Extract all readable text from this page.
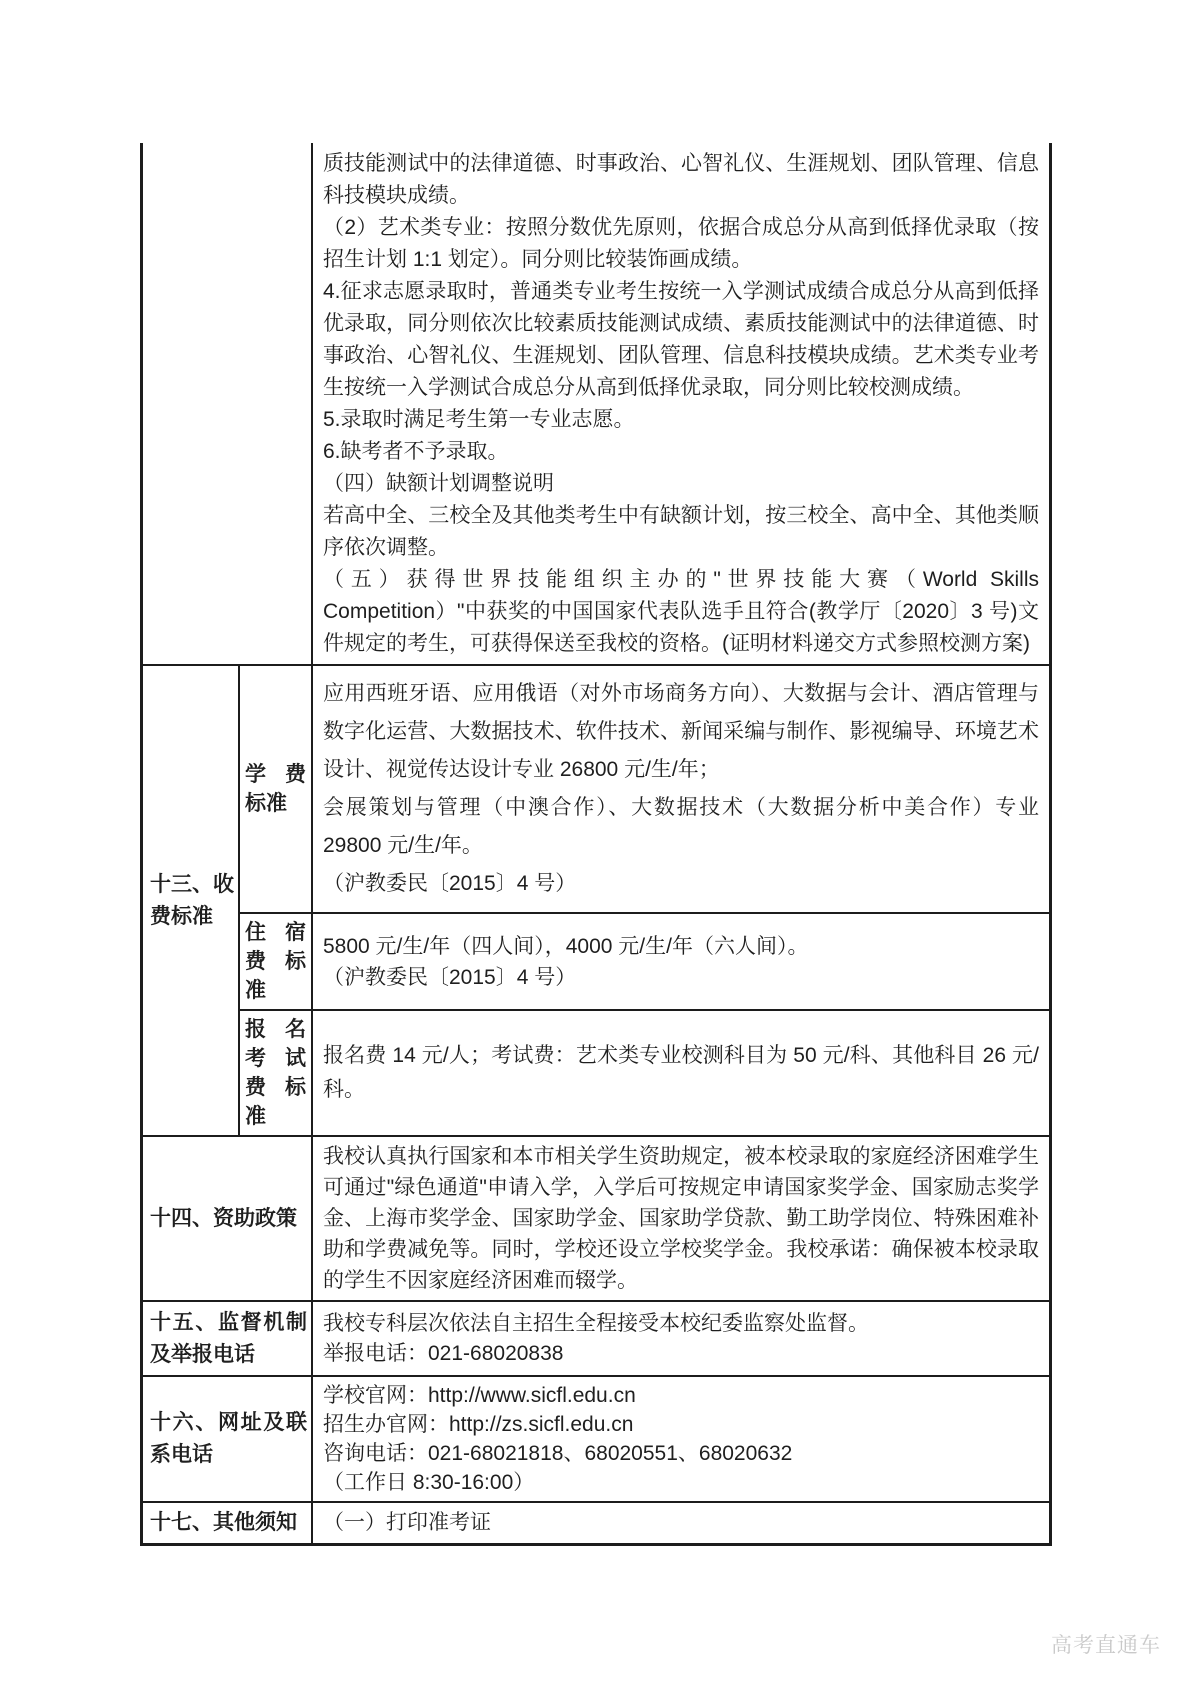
质技能测试中的法律道德、时事政治、心智礼仪、生涯规划、团队管理、信息科技模块成绩。

（2）艺术类专业：按照分数优先原则，依据合成总分从高到低择优录取（按招生计划 1:1 划定）。同分则比较装饰画成绩。

4.征求志愿录取时，普通类专业考生按统一入学测试成绩合成总分从高到低择优录取，同分则依次比较素质技能测试成绩、素质技能测试中的法律道德、时事政治、心智礼仪、生涯规划、团队管理、信息科技模块成绩。艺术类专业考生按统一入学测试合成总分从高到低择优录取，同分则比较校测成绩。

5.录取时满足考生第一专业志愿。

6.缺考者不予录取。

（四）缺额计划调整说明

若高中全、三校全及其他类考生中有缺额计划，按三校全、高中全、其他类顺序依次调整。

（五）获得世界技能组织主办的"世界技能大赛（World Skills Competition）"中获奖的中国国家代表队选手且符合(教学厅〔2020〕3 号)文件规定的考生，可获得保送至我校的资格。(证明材料递交方式参照校测方案)

十三、收费标准
学费标准

应用西班牙语、应用俄语（对外市场商务方向）、大数据与会计、酒店管理与数字化运营、大数据技术、软件技术、新闻采编与制作、影视编导、环境艺术设计、视觉传达设计专业 26800 元/生/年；

会展策划与管理（中澳合作）、大数据技术（大数据分析中美合作）专业 29800 元/生/年。

（沪教委民〔2015〕4 号）

住宿费标准

5800 元/生/年（四人间），4000 元/生/年（六人间）。

（沪教委民〔2015〕4 号）

报名考试费标准

报名费 14 元/人；考试费：艺术类专业校测科目为 50 元/科、其他科目 26 元/科。

十四、资助政策

我校认真执行国家和本市相关学生资助规定，被本校录取的家庭经济困难学生可通过"绿色通道"申请入学，入学后可按规定申请国家奖学金、国家励志奖学金、上海市奖学金、国家助学金、国家助学贷款、勤工助学岗位、特殊困难补助和学费减免等。同时，学校还设立学校奖学金。我校承诺：确保被本校录取的学生不因家庭经济困难而辍学。

十五、监督机制及举报电话

我校专科层次依法自主招生全程接受本校纪委监察处监督。

举报电话：021-68020838

十六、网址及联系电话

学校官网：http://www.sicfl.edu.cn

招生办官网：http://zs.sicfl.edu.cn

咨询电话：021-68021818、68020551、68020632

（工作日 8:30-16:00）

十七、其他须知	（一）打印准考证

高考直通车
